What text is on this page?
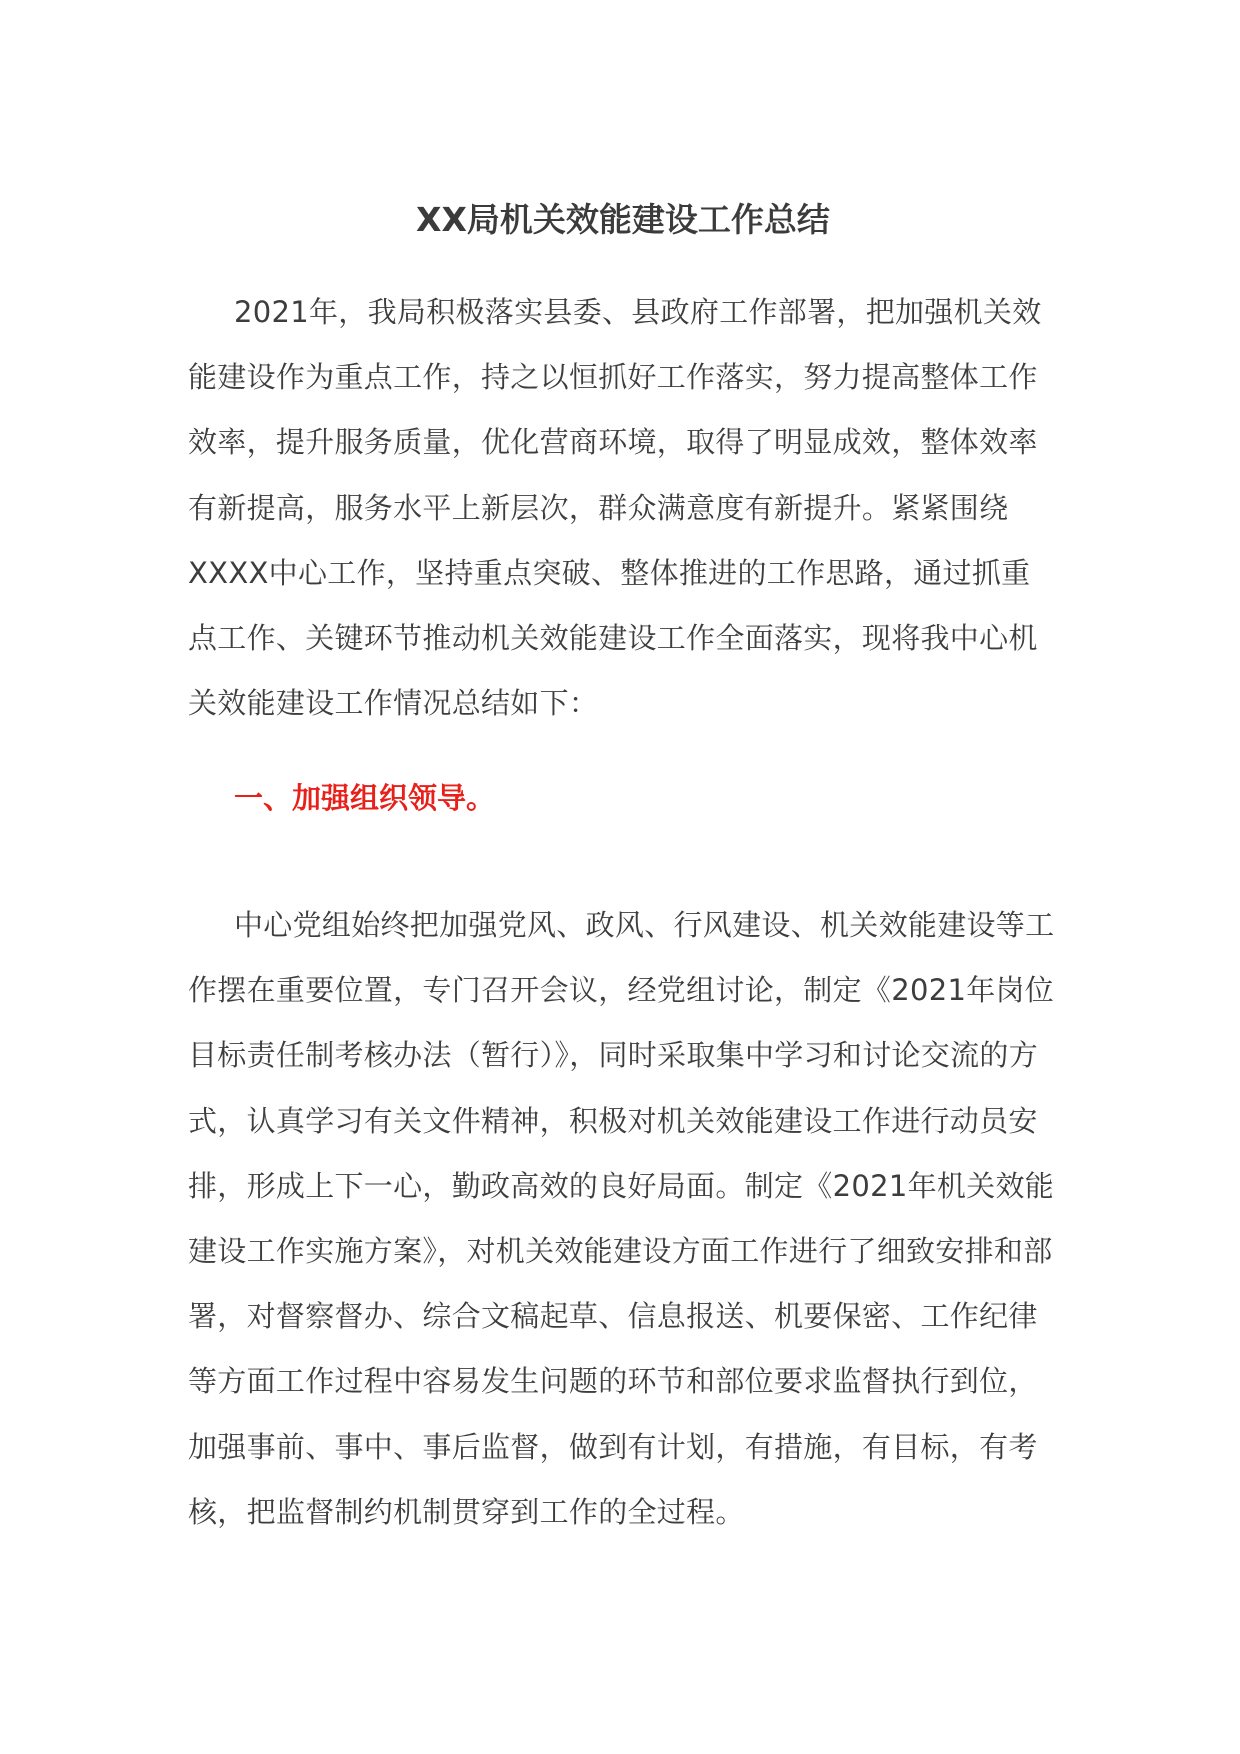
XX局机关效能建设工作总结

2021年，我局积极落实县委、县政府工作部署，把加强机关效能建设作为重点工作，持之以恒抓好工作落实，努力提高整体工作效率，提升服务质量，优化营商环境，取得了明显成效，整体效率有新提高，服务水平上新层次，群众满意度有新提升。紧紧围绕XXXX中心工作，坚持重点突破、整体推进的工作思路，通过抓重点工作、关键环节推动机关效能建设工作全面落实，现将我中心机关效能建设工作情况总结如下：

一、加强组织领导。

中心党组始终把加强党风、政风、行风建设、机关效能建设等工作摆在重要位置，专门召开会议，经党组讨论，制定《2021年岗位目标责任制考核办法（暂行）》，同时采取集中学习和讨论交流的方式，认真学习有关文件精神，积极对机关效能建设工作进行动员安排，形成上下一心，勤政高效的良好局面。制定《2021年机关效能建设工作实施方案》，对机关效能建设方面工作进行了细致安排和部署，对督察督办、综合文稿起草、信息报送、机要保密、工作纪律等方面工作过程中容易发生问题的环节和部位要求监督执行到位，加强事前、事中、事后监督，做到有计划，有措施，有目标，有考核，把监督制约机制贯穿到工作的全过程。
